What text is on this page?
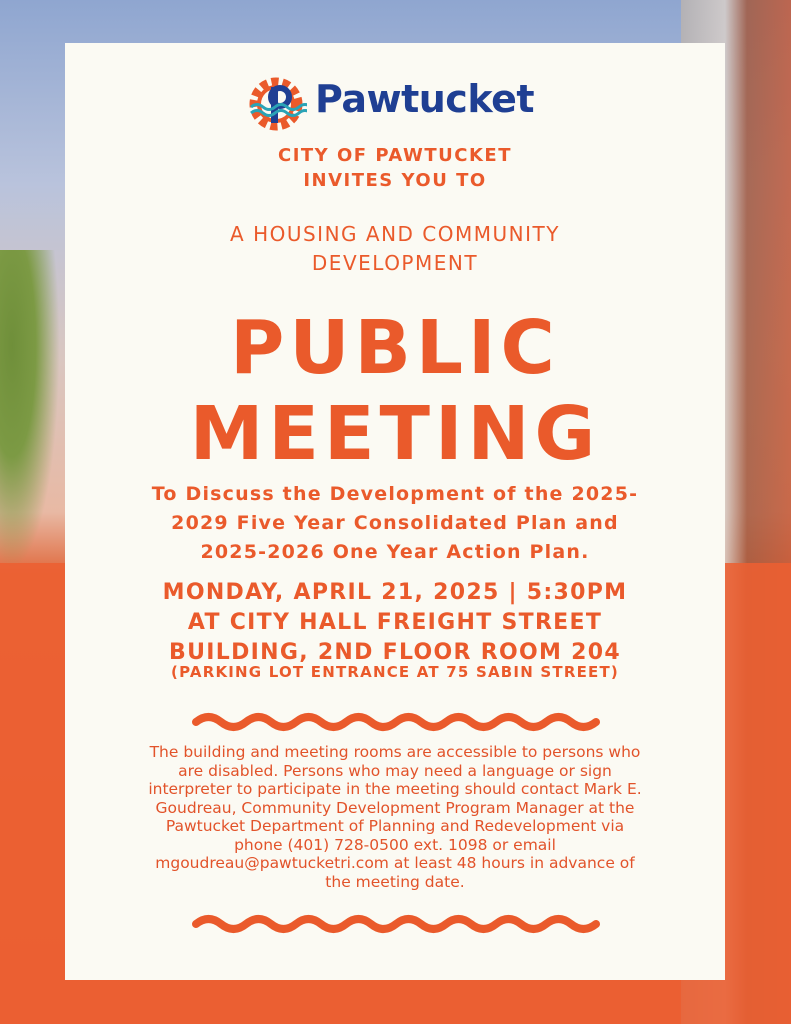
Pawtucket
CITY OF PAWTUCKET
INVITES YOU TO
A HOUSING AND COMMUNITY
DEVELOPMENT
PUBLIC
MEETING
To Discuss the Development of the 2025-
2029 Five Year Consolidated Plan and
2025-2026 One Year Action Plan.
MONDAY, APRIL 21, 2025 | 5:30PM
AT CITY HALL FREIGHT STREET
BUILDING, 2ND FLOOR ROOM 204
(PARKING LOT ENTRANCE AT 75 SABIN STREET)
The building and meeting rooms are accessible to persons who
are disabled. Persons who may need a language or sign
interpreter to participate in the meeting should contact Mark E.
Goudreau, Community Development Program Manager at the
Pawtucket Department of Planning and Redevelopment via
phone (401) 728-0500 ext. 1098 or email
mgoudreau@pawtucketri.com at least 48 hours in advance of
the meeting date.
